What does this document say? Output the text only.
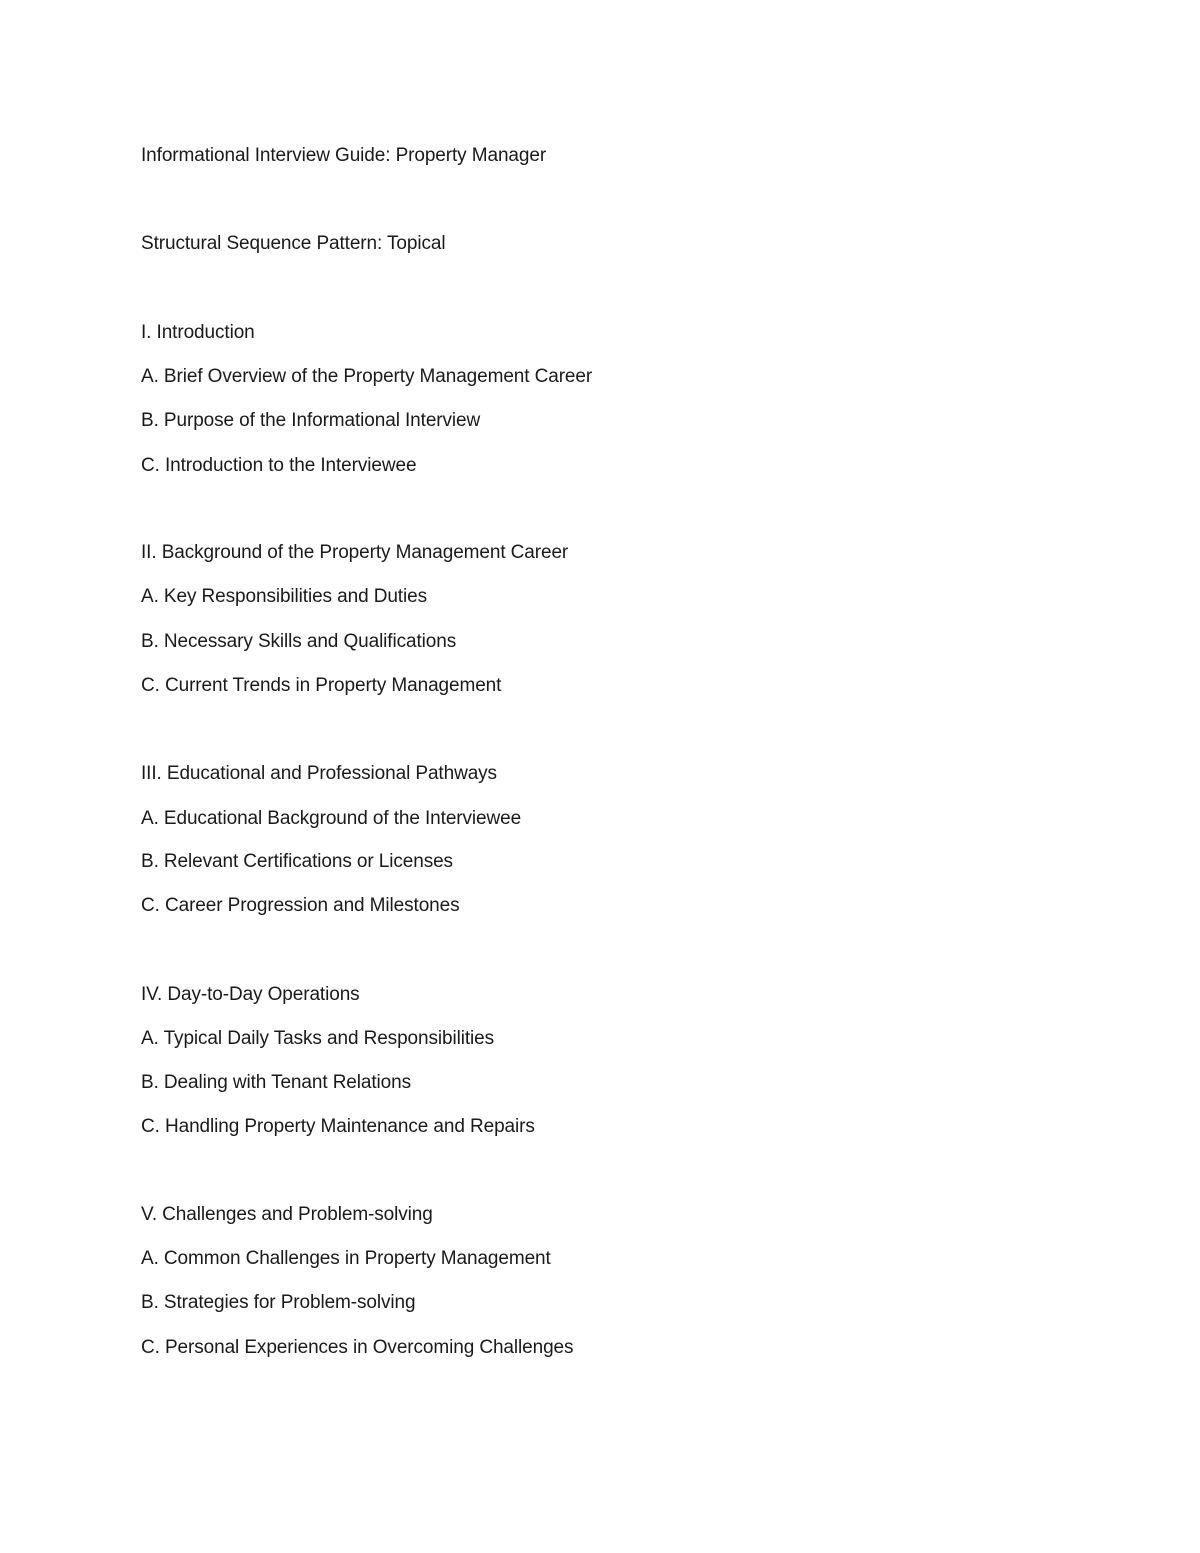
Informational Interview Guide: Property Manager
Structural Sequence Pattern: Topical
I. Introduction
A. Brief Overview of the Property Management Career
B. Purpose of the Informational Interview
C. Introduction to the Interviewee
II. Background of the Property Management Career
A. Key Responsibilities and Duties
B. Necessary Skills and Qualifications
C. Current Trends in Property Management
III. Educational and Professional Pathways
A. Educational Background of the Interviewee
B. Relevant Certifications or Licenses
C. Career Progression and Milestones
IV. Day-to-Day Operations
A. Typical Daily Tasks and Responsibilities
B. Dealing with Tenant Relations
C. Handling Property Maintenance and Repairs
V. Challenges and Problem-solving
A. Common Challenges in Property Management
B. Strategies for Problem-solving
C. Personal Experiences in Overcoming Challenges
